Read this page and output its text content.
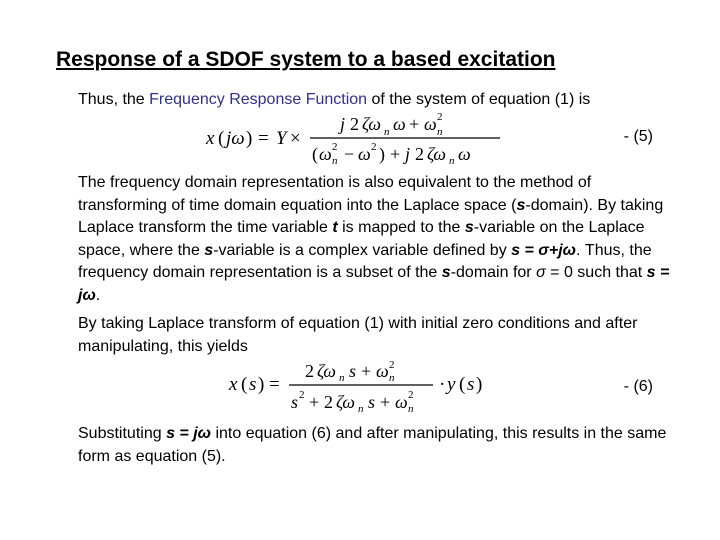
Response of a SDOF system to a based excitation
Thus, the Frequency Response Function of the system of equation (1) is
x ( jω ) = Y ×
j 2 ζω n ω + ω n
2
( ω n
2 − ω 2 ) + j 2 ζω n ω
- (5)
The frequency domain representation is also equivalent to the method of transforming of time domain equation into the Laplace space (s-domain). By taking Laplace transform the time variable t is mapped to the s-variable on the Laplace space, where the s-variable is a complex variable defined by s = σ+jω. Thus, the frequency domain representation is a subset of the s-domain for σ = 0 such that s = jω.
By taking Laplace transform of equation (1) with initial zero conditions and after manipulating, this yields
x ( s ) =
2 ζω n s + ω n
2
s 2 + 2 ζω n s + ω n
2 · y ( s )	- (6)
Substituting s = jω into equation (6) and after manipulating, this results in the same form as equation (5).
